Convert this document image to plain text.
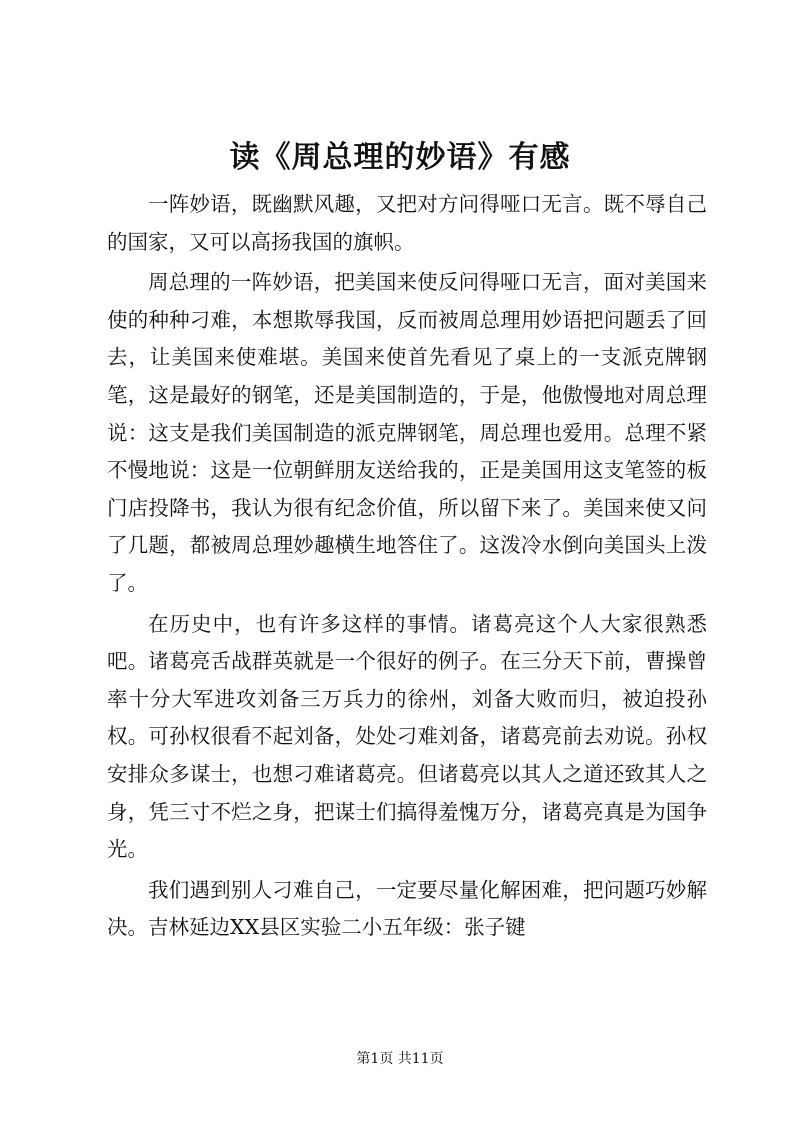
读《周总理的妙语》有感

一阵妙语，既幽默风趣，又把对方问得哑口无言。既不辱自己的国家，又可以高扬我国的旗帜。

周总理的一阵妙语，把美国来使反问得哑口无言，面对美国来使的种种刁难，本想欺辱我国，反而被周总理用妙语把问题丢了回去，让美国来使难堪。美国来使首先看见了桌上的一支派克牌钢笔，这是最好的钢笔，还是美国制造的，于是，他傲慢地对周总理说：这支是我们美国制造的派克牌钢笔，周总理也爱用。总理不紧不慢地说：这是一位朝鲜朋友送给我的，正是美国用这支笔签的板门店投降书，我认为很有纪念价值，所以留下来了。美国来使又问了几题，都被周总理妙趣横生地答住了。这泼冷水倒向美国头上泼了。

在历史中，也有许多这样的事情。诸葛亮这个人大家很熟悉吧。诸葛亮舌战群英就是一个很好的例子。在三分天下前，曹操曾率十分大军进攻刘备三万兵力的徐州，刘备大败而归，被迫投孙权。可孙权很看不起刘备，处处刁难刘备，诸葛亮前去劝说。孙权安排众多谋士，也想刁难诸葛亮。但诸葛亮以其人之道还致其人之身，凭三寸不烂之身，把谋士们搞得羞愧万分，诸葛亮真是为国争光。

我们遇到别人刁难自己，一定要尽量化解困难，把问题巧妙解决。吉林延边XX县区实验二小五年级：张子键

第1页 共11页
